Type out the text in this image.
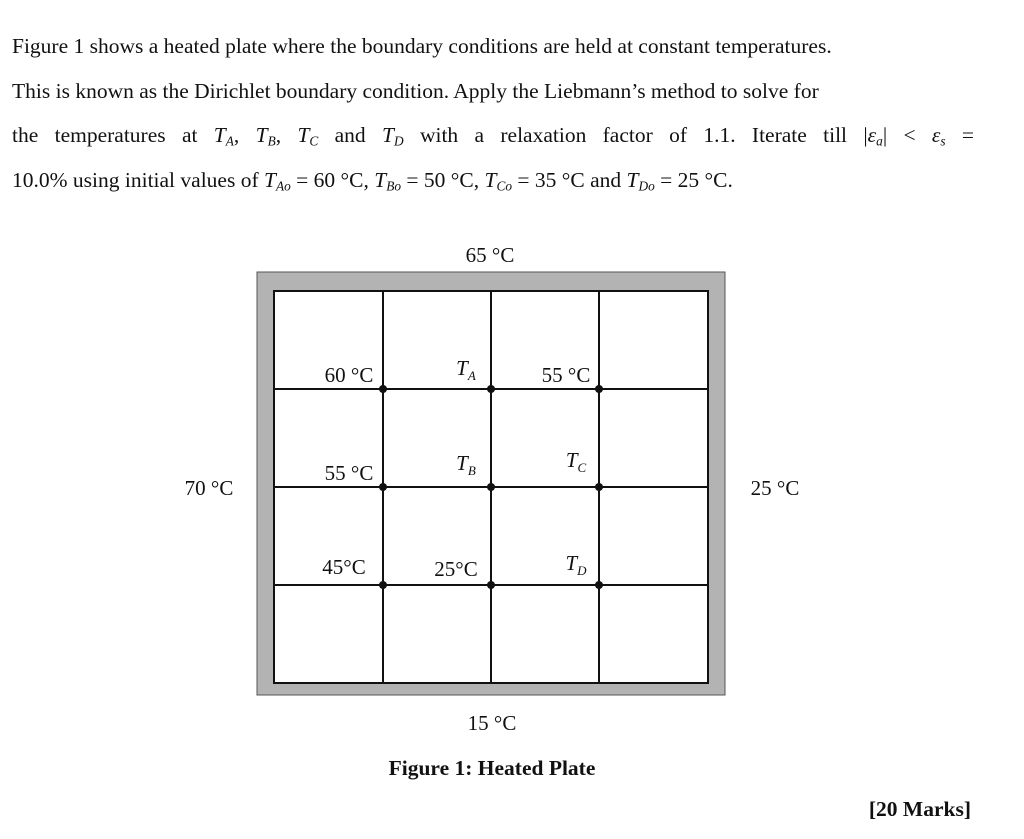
Figure 1 shows a heated plate where the boundary conditions are held at constant temperatures.
This is known as the Dirichlet boundary condition. Apply the Liebmann’s method to solve for
the temperatures at $T_A$, $T_B$, $T_C$ and $T_D$ with a relaxation factor of 1.1. Iterate till $|\varepsilon_a| < \varepsilon_s$ =
10.0% using initial values of $T_{Ao} = 60$ °C, $T_{Bo} = 50$ °C, $T_{Co} = 35$ °C and $T_{Do} = 25$ °C.
65 °C
70 °C	25 °C
15 °C
60 °C	$T_A$	55 °C
55 °C	$T_B$	$T_C$
45°C	25°C	$T_D$
Figure 1: Heated Plate
[20 Marks]
